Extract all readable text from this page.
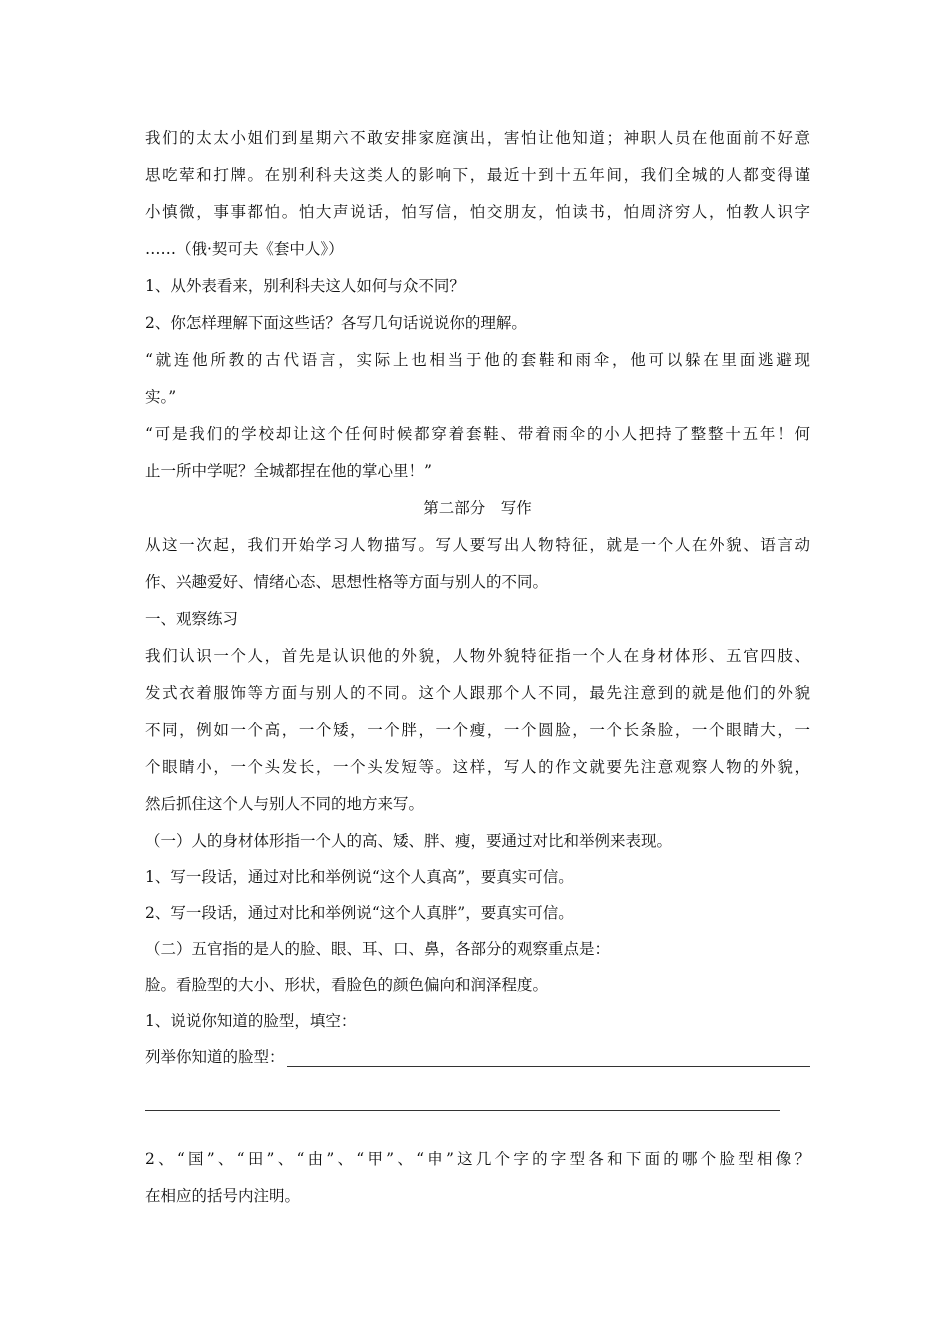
我们的太太小姐们到星期六不敢安排家庭演出，害怕让他知道；神职人员在他面前不好意
思吃荤和打牌。在别利科夫这类人的影响下，最近十到十五年间，我们全城的人都变得谨
小慎微，事事都怕。怕大声说话，怕写信，怕交朋友，怕读书，怕周济穷人，怕教人识字
……（俄·契可夫《套中人》）
1、从外表看来，别利科夫这人如何与众不同？
2、你怎样理解下面这些话？各写几句话说说你的理解。
“就连他所教的古代语言，实际上也相当于他的套鞋和雨伞，他可以躲在里面逃避现
实。”
“可是我们的学校却让这个任何时候都穿着套鞋、带着雨伞的小人把持了整整十五年！何
止一所中学呢？全城都捏在他的掌心里！”
第二部分　写作
从这一次起，我们开始学习人物描写。写人要写出人物特征，就是一个人在外貌、语言动
作、兴趣爱好、情绪心态、思想性格等方面与别人的不同。
一、观察练习
我们认识一个人，首先是认识他的外貌，人物外貌特征指一个人在身材体形、五官四肢、
发式衣着服饰等方面与别人的不同。这个人跟那个人不同，最先注意到的就是他们的外貌
不同，例如一个高，一个矮，一个胖，一个瘦，一个圆脸，一个长条脸，一个眼睛大，一
个眼睛小，一个头发长，一个头发短等。这样，写人的作文就要先注意观察人物的外貌，
然后抓住这个人与别人不同的地方来写。
（一）人的身材体形指一个人的高、矮、胖、瘦，要通过对比和举例来表现。
1、写一段话，通过对比和举例说“这个人真高”，要真实可信。
2、写一段话，通过对比和举例说“这个人真胖”，要真实可信。
（二）五官指的是人的脸、眼、耳、口、鼻，各部分的观察重点是：
脸。看脸型的大小、形状，看脸色的颜色偏向和润泽程度。
1、说说你知道的脸型，填空：
列举你知道的脸型：
2、“国”、“田”、“由”、“甲”、“申”这几个字的字型各和下面的哪个脸型相像？
在相应的括号内注明。
